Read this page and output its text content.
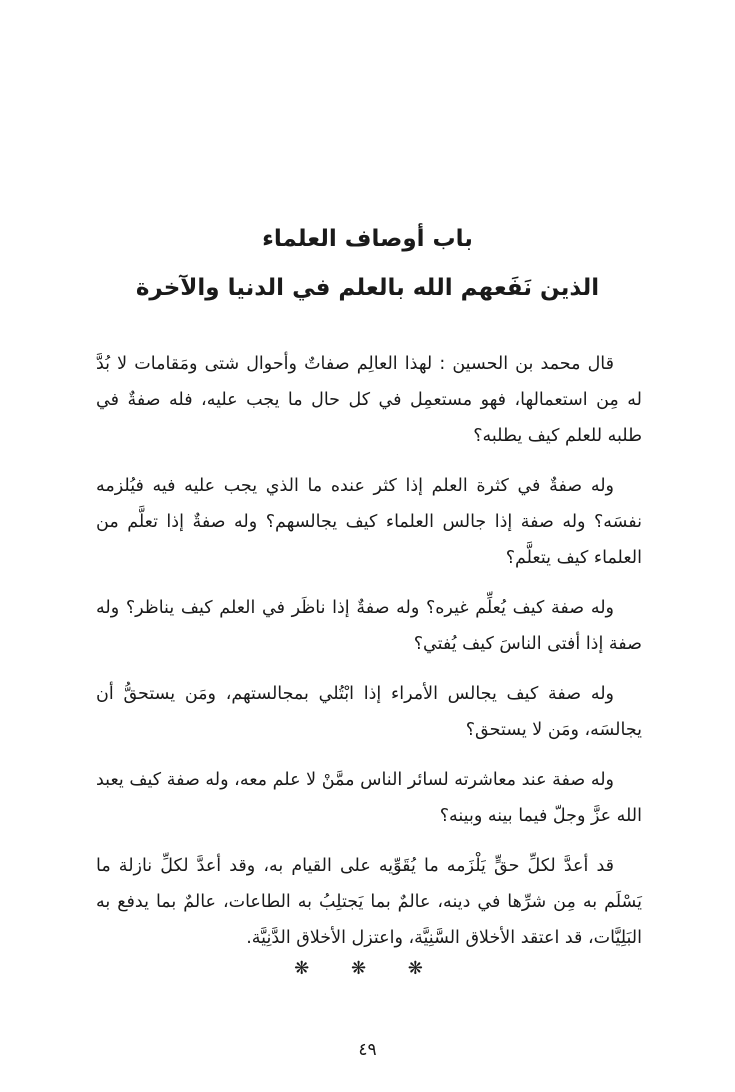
باب أوصاف العلماء
الذين نَفَعهم الله بالعلم في الدنيا والآخرة

قال محمد بن الحسين : لهذا العالِم صفاتٌ وأحوال شتى ومَقامات لا بُدَّ له مِن استعمالها، فهو مستعمِل في كل حال ما يجب عليه، فله صفةٌ في طلبه للعلم كيف يطلبه؟

وله صفةٌ في كثرة العلم إذا كثر عنده ما الذي يجب عليه فيه فيُلزمه نفسَه؟ وله صفة إذا جالس العلماء كيف يجالسهم؟ وله صفةٌ إذا تعلَّم من العلماء كيف يتعلَّم؟

وله صفة كيف يُعلِّم غيره؟ وله صفةٌ إذا ناظَر في العلم كيف يناظر؟ وله صفة إذا أفتى الناسَ كيف يُفتي؟

وله صفة كيف يجالس الأمراء إذا ابْتُلي بمجالستهم، ومَن يستحقُّ أن يجالسَه، ومَن لا يستحق؟

وله صفة عند معاشرته لسائر الناس ممَّنْ لا علم معه، وله صفة كيف يعبد الله عزَّ وجلّ فيما بينه وبينه؟

قد أعدَّ لكلِّ حقٍّ يَلْزَمه ما يُقَوِّيه على القيام به، وقد أعدَّ لكلِّ نازلة ما يَسْلَم به مِن شرِّها في دينه، عالمٌ بما يَجتلِبُ به الطاعات، عالمٌ بما يدفع به البَلِيَّات، قد اعتقد الأخلاق السَّنِيَّة، واعتزل الأخلاق الدَّنِيَّة.

❋ ❋ ❋
٤٩
